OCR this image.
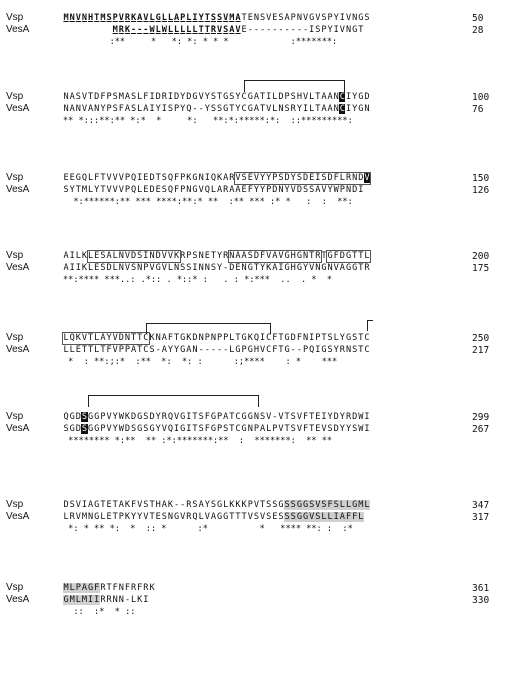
Vsp	MNVNHTMSPVRKAVLGLLAPLIYTSSVMATENSVESAPNVGVSPYIVNGS	50
VesA	MRK---WLWLLLLLTTRVSAVE----------ISPYIVNGT	28
:**     *   *: *: * * *            :*******:
Vsp	NASVTDFPSMASLFIDRIDYDGVYSTGSYCGATILDPSHVLTAANCIYGD	100
VesA	NANVANYPSFASLAIYISPYQ--YSSGTYCGATVLNSRYILTAANCIYGN	76
** *:::**:** *:*  *     *:   **:*:*****:*:  ::*********:
Vsp	EEGQLFTVVVPQIEDTSQFPKGNIQKARVSEVYYPSDYSDEISDFLRNDV	150
VesA	SYTMLYTVVVPQLEDESQFPNGVQLARAAEFYYPDNYVDSSAVYWPNDI	126
*:******:** *** ****:**:* **  :** *** :* *   :  :  **:
Vsp	AILKLESALNVDSINDVVKRPSNETYRNAASDFVAVGHGNTRTGFDGTTL	200
VesA	AIIKLESDLNVSNPVGVLNSSINNSY-DENGTYKAIGHGYVNGNVAGGTR	175
**:**** ***..: .*:: . *::* :   . : *:***  ..  . *  *
Vsp	LQKVTLAYVDNTTCKNAFTGKDNPNPPLTGKQICFTGDFNIPTSLYGSTC	250
VesA	LLETTLTFVPPATCS-AYYGAN-----LGPGHVCFTG--PQIGSYRNSTC	217
*  : **:;:*  :**  *:  *: :      :;****    : *    ***
Vsp	QGDSGGPVYWKDGSDYRQVGITSFGPATCGGNSV-VTSVFTEIYDYRDWI	299
VesA	SGDSGGPVYWDSGSGYVQIGITSFGPSTCGNPALPVTSVFTEVSDYYSWI	267
******** *:**  ** :*:*******:**  :  *******:  ** **
Vsp	DSVIAGTETAKFVSTHAK--RSAYSGLKKKPVTSSGSSGGSVSFSLLGML	347
VesA	LRVMNGLETPKYYVTESNGVRQLVAGGTTTVSVSESSSGGVSLLIAFFL	317
*: * ** *:  *  :: *      :*          *   **** **: :  :*
Vsp	MLPAGFRTFNFRFRK	361
VesA	GMLMIIRRNN-LKI	330
::  :*  * ::
